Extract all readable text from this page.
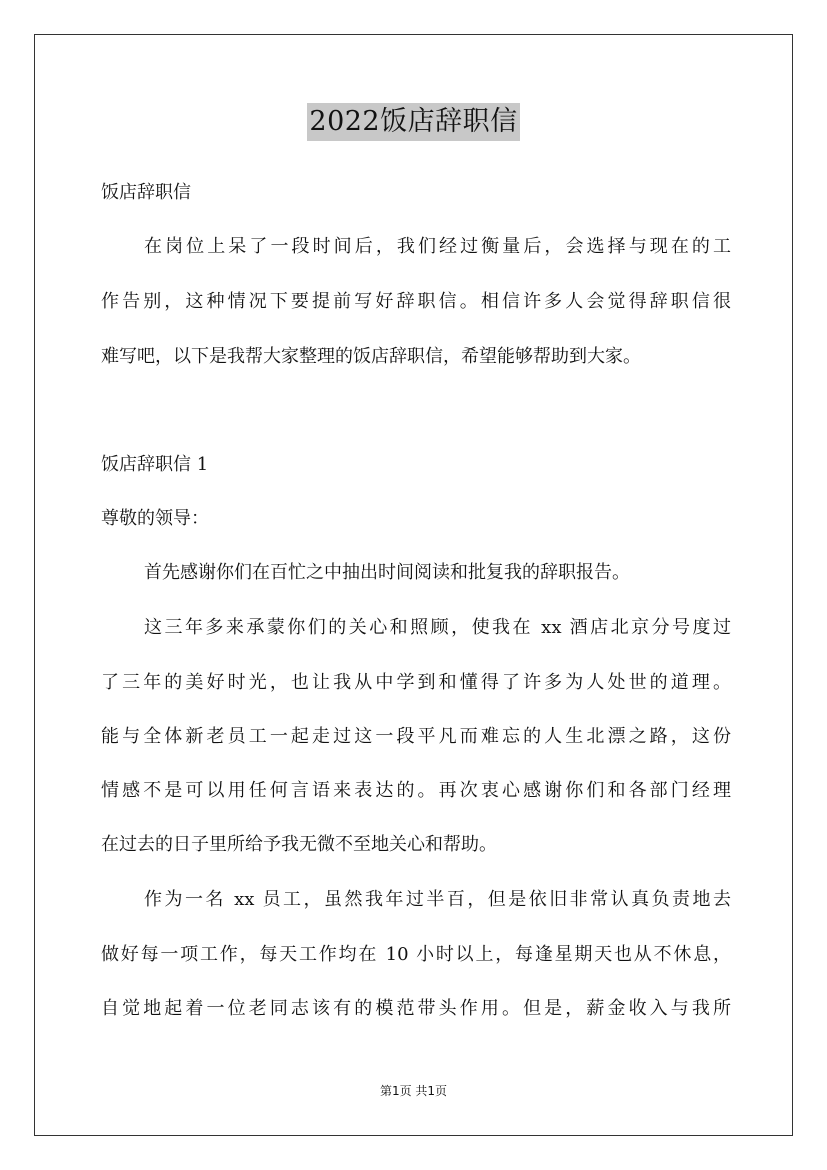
2022饭店辞职信
饭店辞职信
在岗位上呆了一段时间后，我们经过衡量后，会选择与现在的工
作告别，这种情况下要提前写好辞职信。相信许多人会觉得辞职信很
难写吧，以下是我帮大家整理的饭店辞职信，希望能够帮助到大家。
饭店辞职信 1
尊敬的领导：
首先感谢你们在百忙之中抽出时间阅读和批复我的辞职报告。
这三年多来承蒙你们的关心和照顾，使我在 xx 酒店北京分号度过
了三年的美好时光，也让我从中学到和懂得了许多为人处世的道理。
能与全体新老员工一起走过这一段平凡而难忘的人生北漂之路，这份
情感不是可以用任何言语来表达的。再次衷心感谢你们和各部门经理
在过去的日子里所给予我无微不至地关心和帮助。
作为一名 xx 员工，虽然我年过半百，但是依旧非常认真负责地去
做好每一项工作，每天工作均在 10 小时以上，每逢星期天也从不休息，
自觉地起着一位老同志该有的模范带头作用。但是，薪金收入与我所
第1页 共1页
